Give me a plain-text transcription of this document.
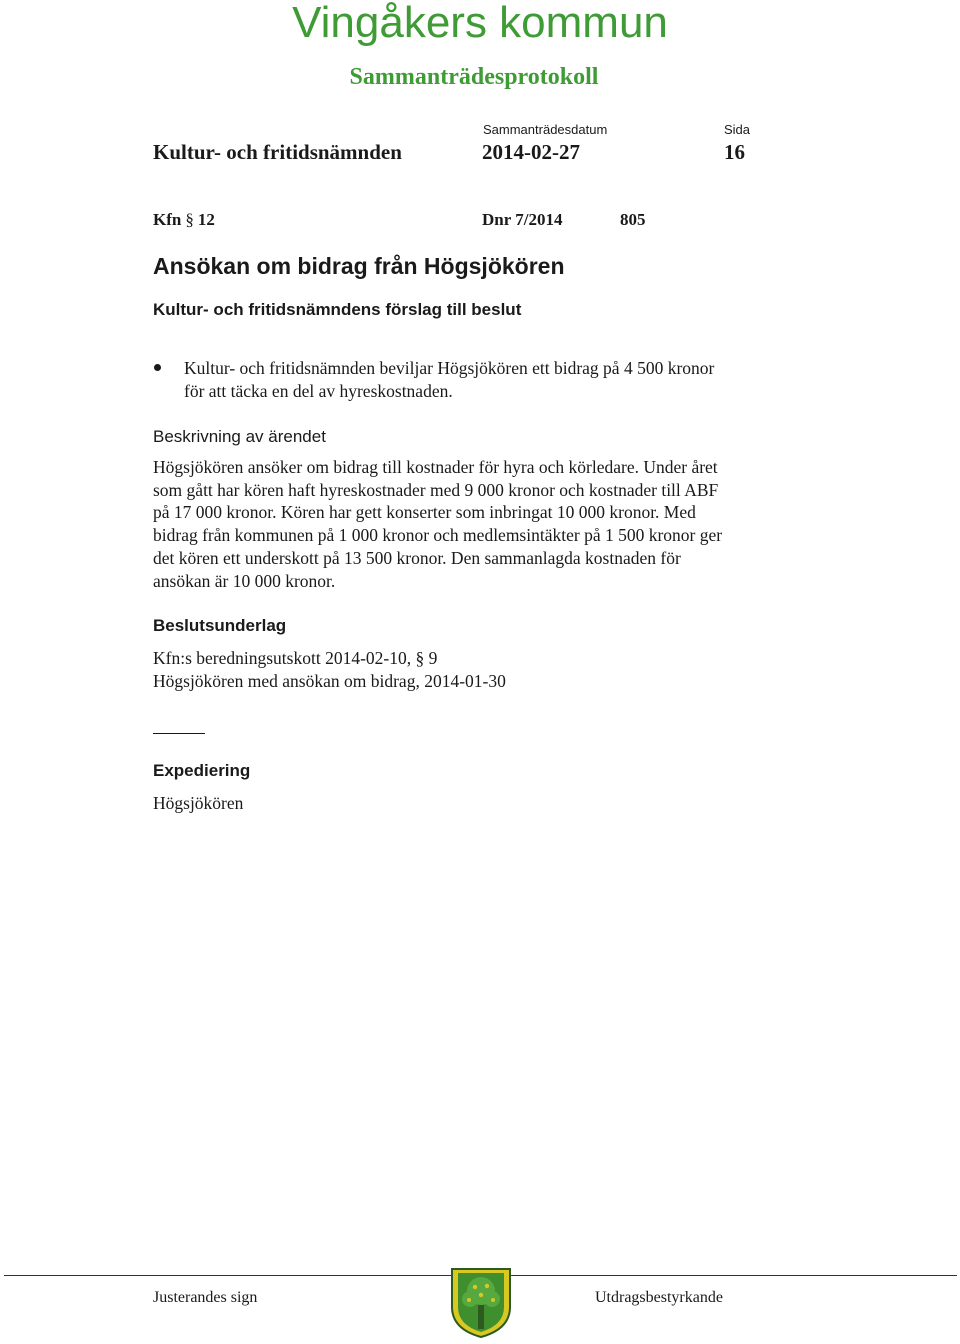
Vingåkers kommun
Sammanträdesprotokoll
Sammanträdesdatum	Sida
Kultur- och fritidsnämnden	2014-02-27	16
Kfn § 12	Dnr 7/2014	805
Ansökan om bidrag från Högsjökören
Kultur- och fritidsnämndens förslag till beslut
Kultur- och fritidsnämnden beviljar Högsjökören ett bidrag på 4 500 kronor
för att täcka en del av hyreskostnaden.
Beskrivning av ärendet
Högsjökören ansöker om bidrag till kostnader för hyra och körledare. Under året
som gått har kören haft hyreskostnader med 9 000 kronor och kostnader till ABF
på 17 000 kronor. Kören har gett konserter som inbringat 10 000 kronor. Med
bidrag från kommunen på 1 000 kronor och medlemsintäkter på 1 500 kronor ger
det kören ett underskott på 13 500 kronor. Den sammanlagda kostnaden för
ansökan är 10 000 kronor.
Beslutsunderlag
Kfn:s beredningsutskott 2014-02-10, § 9
Högsjökören med ansökan om bidrag, 2014-01-30
Expediering
Högsjökören
Justerandes sign	Utdragsbestyrkande
